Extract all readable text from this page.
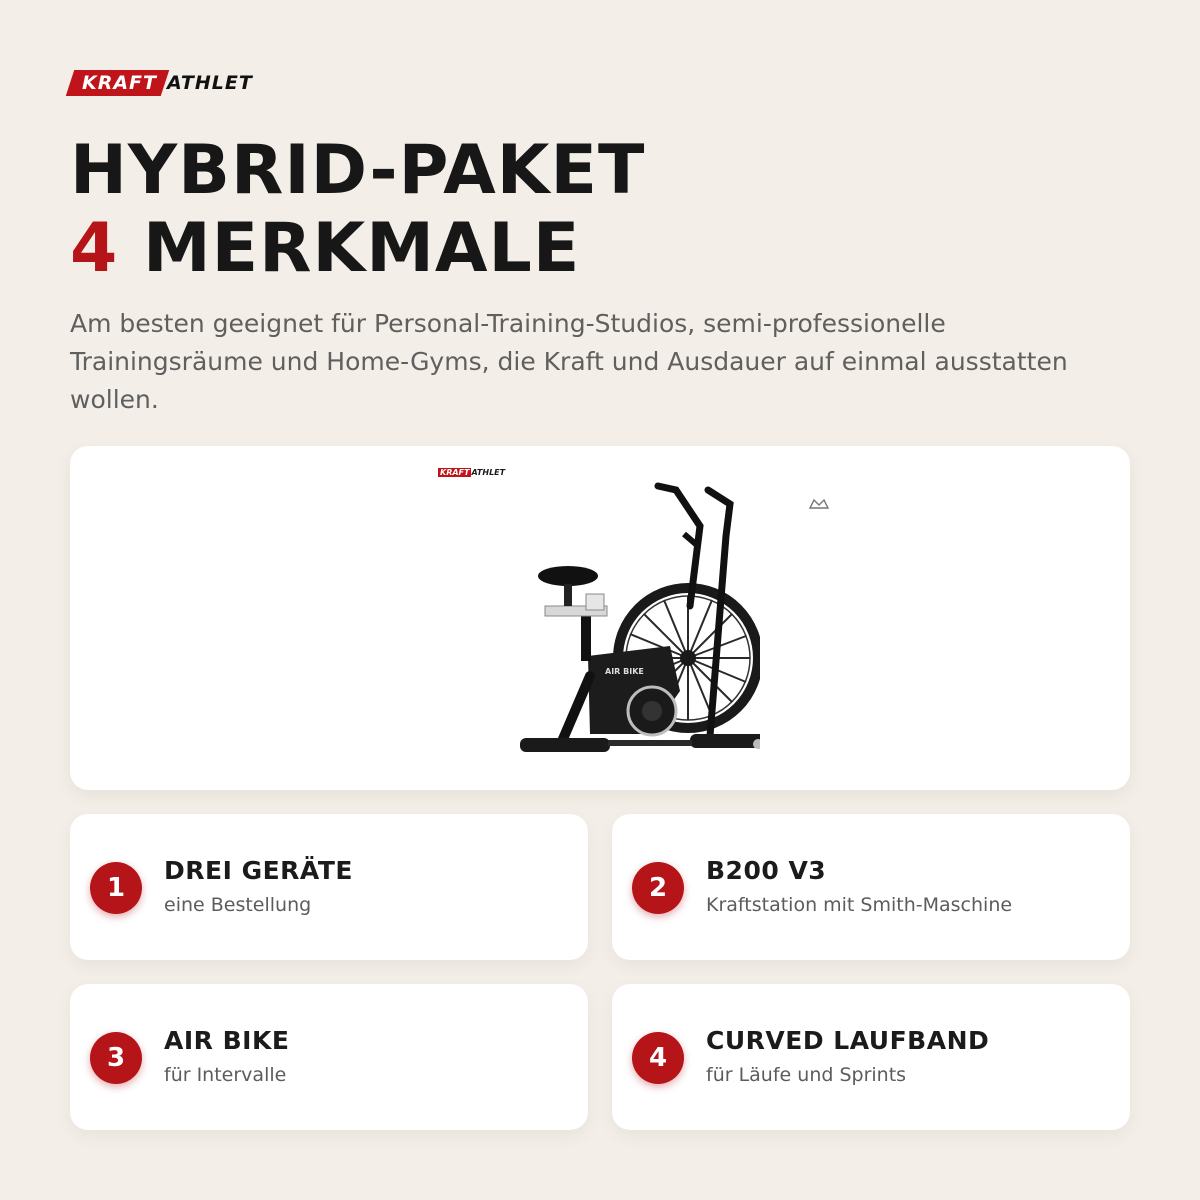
KRAFT ATHLET
HYBRID-PAKET
4 MERKMALE
Am besten geeignet für Personal-Training-Studios, semi-professionelle Trainingsräume und Home-Gyms, die Kraft und Ausdauer auf einmal ausstatten wollen.
KRAFT ATHLET
AIR BIKE
1
DREI GERÄTE
eine Bestellung
2
B200 V3
Kraftstation mit Smith-Maschine
3
AIR BIKE
für Intervalle
4
CURVED LAUFBAND
für Läufe und Sprints
